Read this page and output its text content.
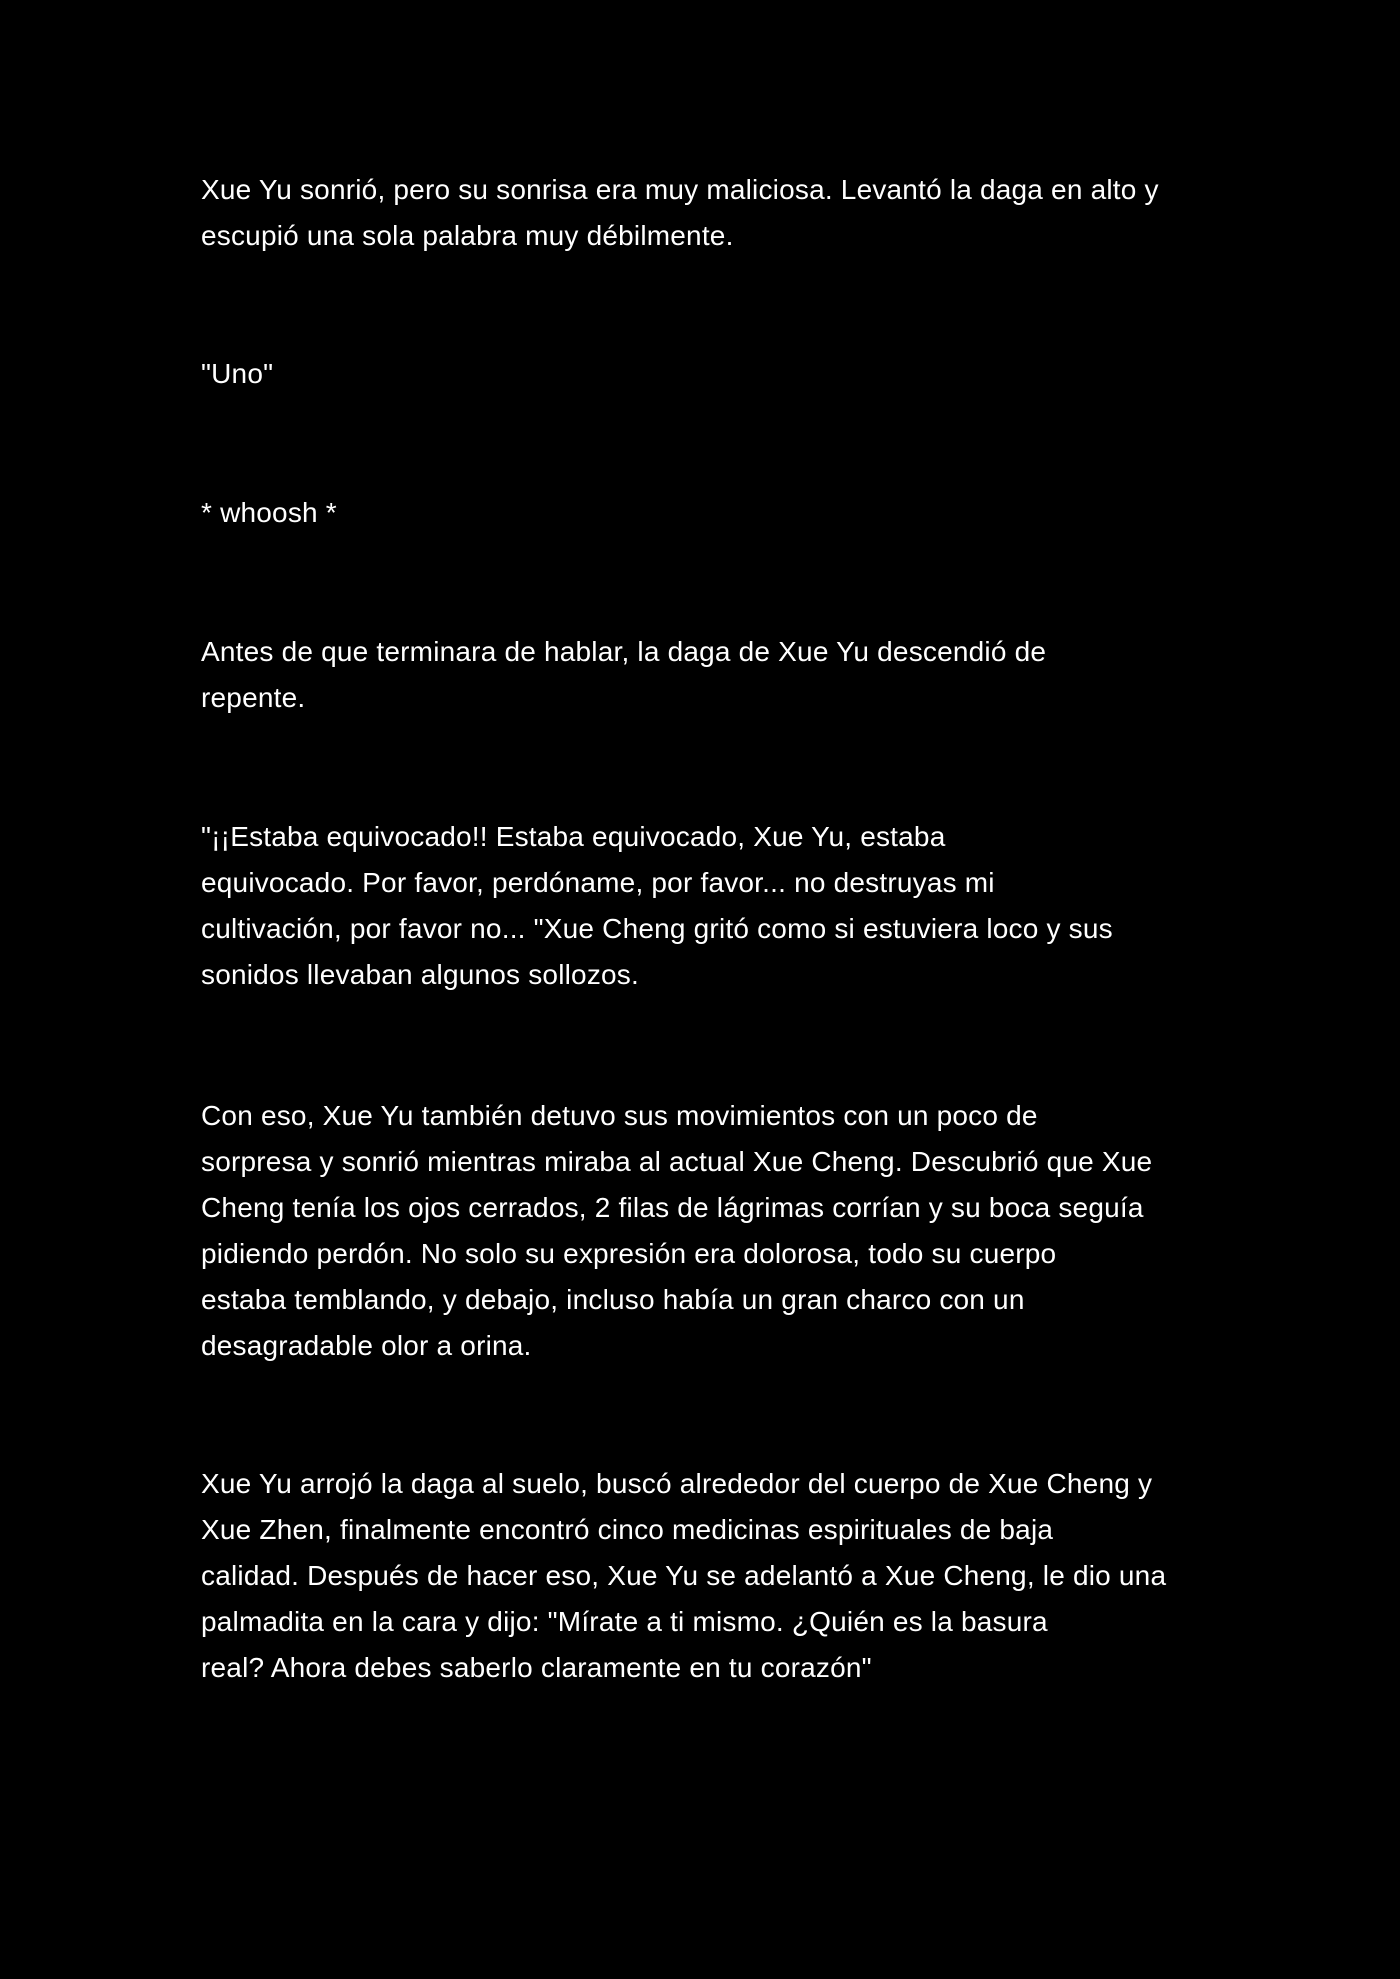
Xue Yu sonrió, pero su sonrisa era muy maliciosa. Levantó la daga en alto y
escupió una sola palabra muy débilmente.

"Uno"

* whoosh *

Antes de que terminara de hablar, la daga de Xue Yu descendió de
repente.

"¡¡Estaba equivocado!! Estaba equivocado, Xue Yu, estaba
equivocado. Por favor, perdóname, por favor... no destruyas mi
cultivación, por favor no... "Xue Cheng gritó como si estuviera loco y sus
sonidos llevaban algunos sollozos.

Con eso, Xue Yu también detuvo sus movimientos con un poco de
sorpresa y sonrió mientras miraba al actual Xue Cheng. Descubrió que Xue
Cheng tenía los ojos cerrados, 2 filas de lágrimas corrían y su boca seguía
pidiendo perdón. No solo su expresión era dolorosa, todo su cuerpo
estaba temblando, y debajo, incluso había un gran charco con un
desagradable olor a orina.

Xue Yu arrojó la daga al suelo, buscó alrededor del cuerpo de Xue Cheng y
Xue Zhen, finalmente encontró cinco medicinas espirituales de baja
calidad. Después de hacer eso, Xue Yu se adelantó a Xue Cheng, le dio una
palmadita en la cara y dijo: "Mírate a ti mismo. ¿Quién es la basura
real? Ahora debes saberlo claramente en tu corazón"
